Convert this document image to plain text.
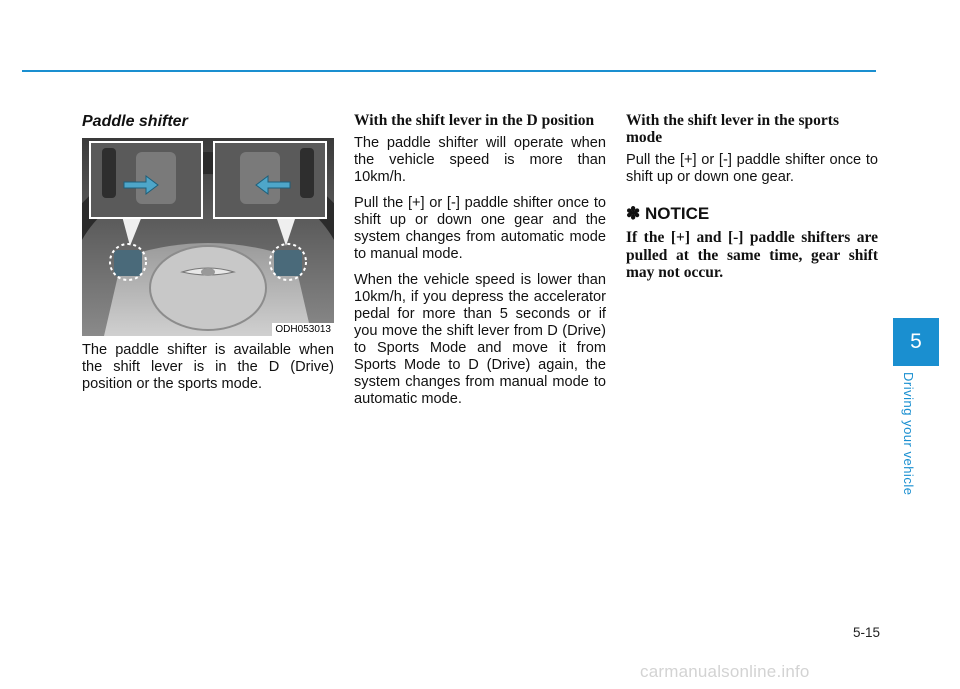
Paddle shifter
ODH053013

The paddle shifter is available when the shift lever is in the D (Drive) position or the sports mode.

With the shift lever in the D position

The paddle shifter will operate when the vehicle speed is more than 10km/h.

Pull the [+] or [-] paddle shifter once to shift up or down one gear and the system changes from automatic mode to manual mode.

When the vehicle speed is lower than 10km/h, if you depress the accelerator pedal for more than 5 seconds or if you move the shift lever from D (Drive) to Sports Mode and move it from Sports Mode to D (Drive) again, the system changes from manual mode to automatic mode.

With the shift lever in the sports mode

Pull the [+] or [-] paddle shifter once to shift up or down one gear.

✽ NOTICE

If the [+] and [-] paddle shifters are pulled at the same time, gear shift may not occur.

5
Driving your vehicle
5-15
carmanualsonline.info
